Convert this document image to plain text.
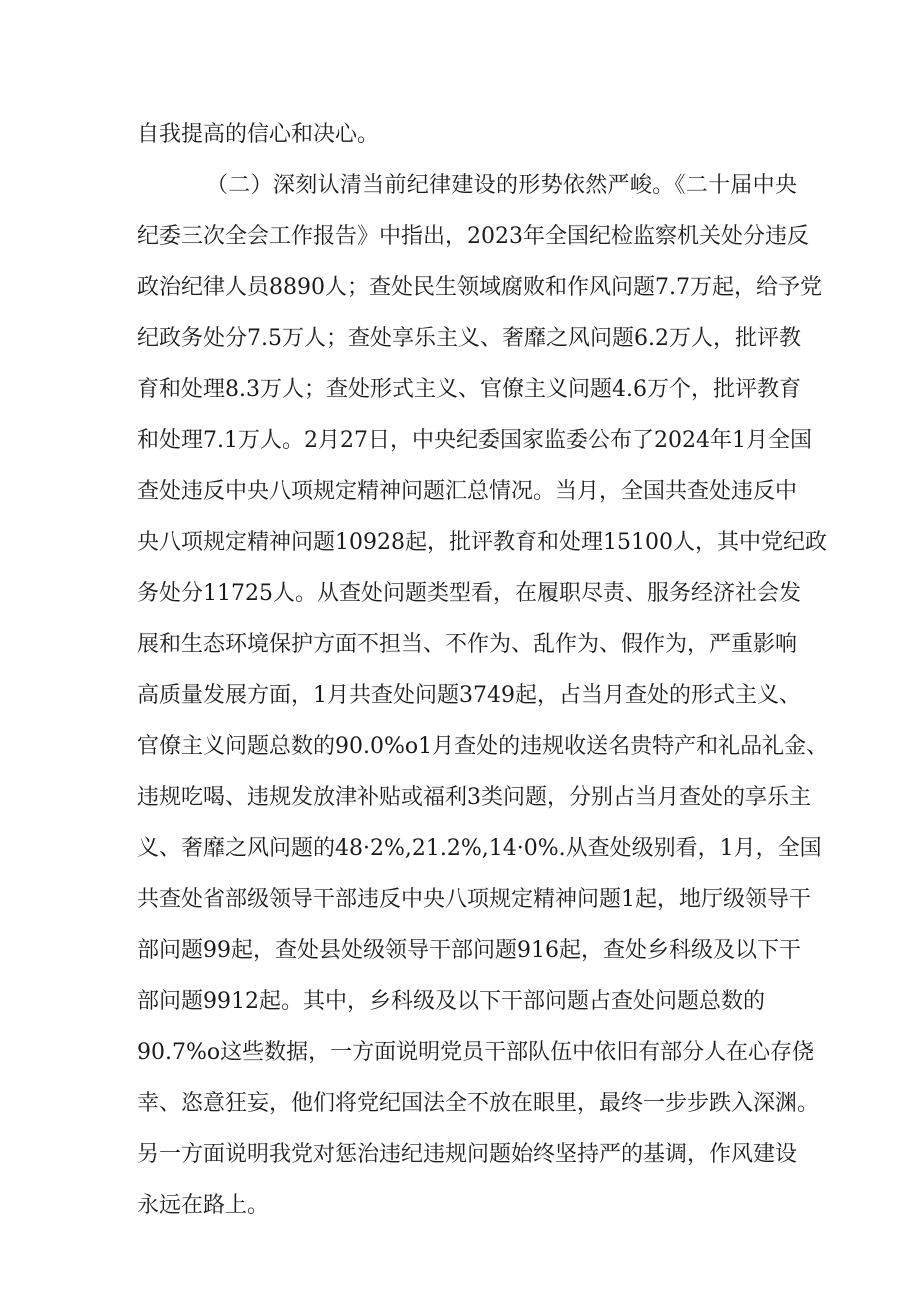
自我提高的信心和决心。
（二）深刻认清当前纪律建设的形势依然严峻。《二十届中央
纪委三次全会工作报告》中指出，2023年全国纪检监察机关处分违反
政治纪律人员8890人；查处民生领域腐败和作风问题7.7万起，给予党
纪政务处分7.5万人；查处享乐主义、奢靡之风问题6.2万人，批评教
育和处理8.3万人；查处形式主义、官僚主义问题4.6万个，批评教育
和处理7.1万人。2月27日，中央纪委国家监委公布了2024年1月全国
查处违反中央八项规定精神问题汇总情况。当月，全国共查处违反中
央八项规定精神问题10928起，批评教育和处理15100人，其中党纪政
务处分11725人。从查处问题类型看，在履职尽责、服务经济社会发
展和生态环境保护方面不担当、不作为、乱作为、假作为，严重影响
高质量发展方面，1月共查处问题3749起，占当月查处的形式主义、
官僚主义问题总数的90.0%o1月查处的违规收送名贵特产和礼品礼金、
违规吃喝、违规发放津补贴或福利3类问题，分别占当月查处的享乐主
义、奢靡之风问题的48·2%,21.2%,14·0%.从查处级别看，1月，全国
共查处省部级领导干部违反中央八项规定精神问题1起，地厅级领导干
部问题99起，查处县处级领导干部问题916起，查处乡科级及以下干
部问题9912起。其中，乡科级及以下干部问题占查处问题总数的
90.7%o这些数据，一方面说明党员干部队伍中依旧有部分人在心存侥
幸、恣意狂妄，他们将党纪国法全不放在眼里，最终一步步跌入深渊。
另一方面说明我党对惩治违纪违规问题始终坚持严的基调，作风建设
永远在路上。
